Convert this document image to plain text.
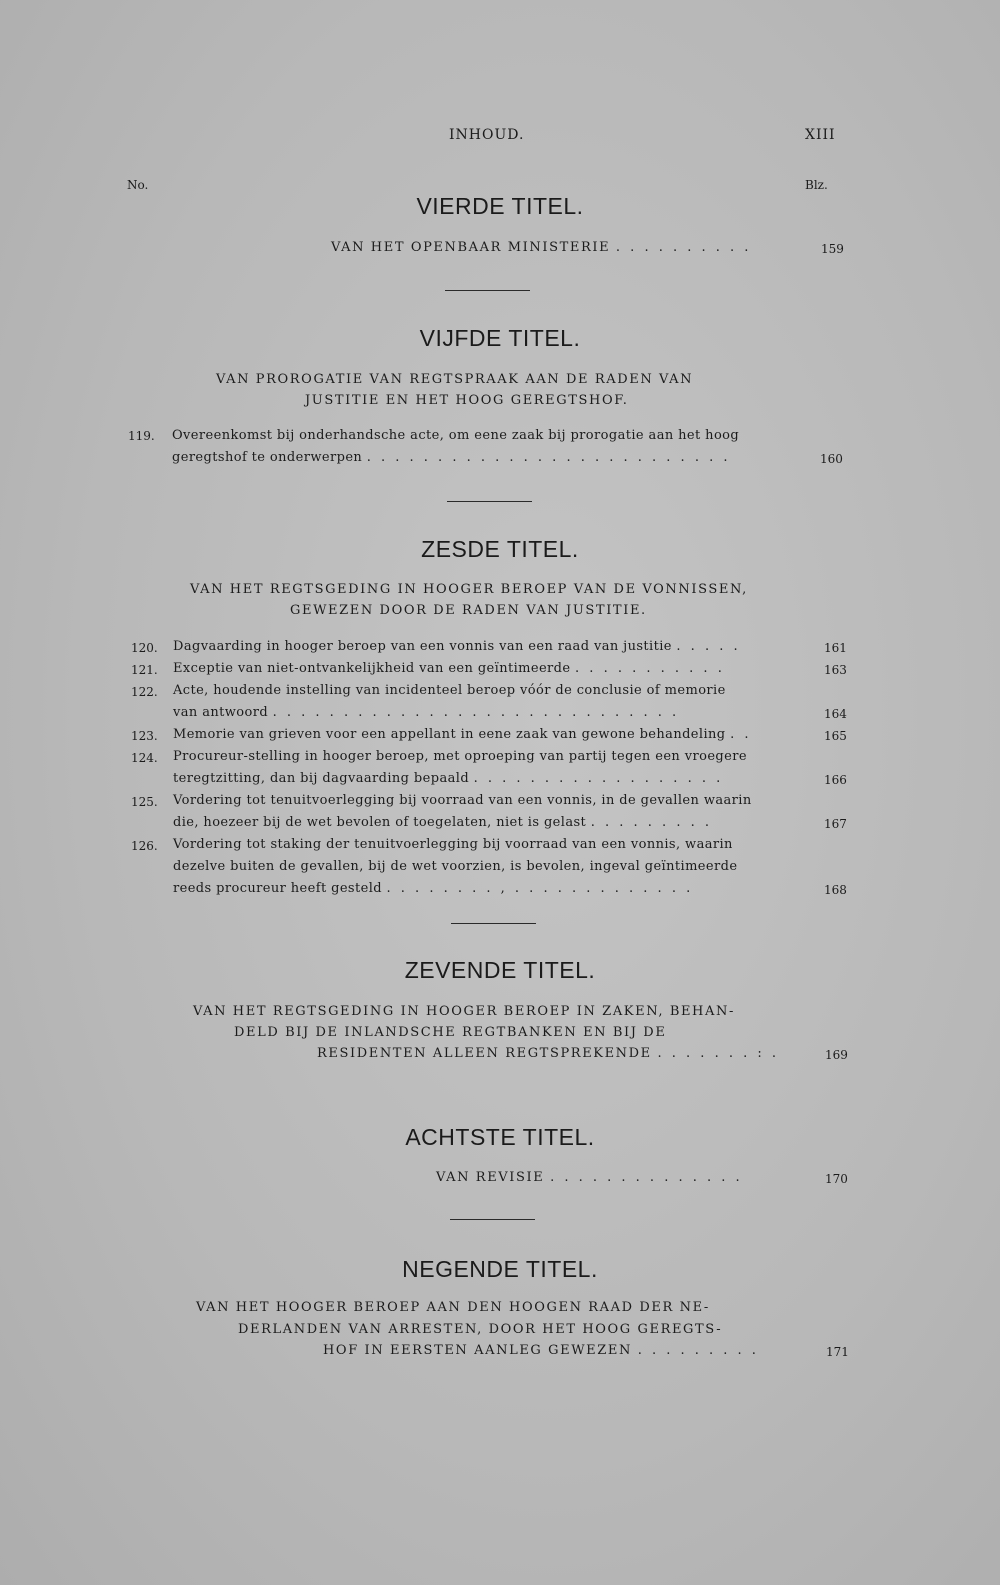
INHOUD.	XIII
No.	Blz.
VIERDE TITEL.
VAN HET OPENBAAR MINISTERIE . . . . . . . . . .	159
VIJFDE TITEL.
VAN PROROGATIE VAN REGTSPRAAK AAN DE RADEN VAN
JUSTITIE EN HET HOOG GEREGTSHOF.
119. Overeenkomst bij onderhandsche acte, om eene zaak bij prorogatie aan het hoog
geregtshof te onderwerpen . . . . . . . . . . . . . . . . . . . . . . . . . .	160
ZESDE TITEL.
VAN HET REGTSGEDING IN HOOGER BEROEP VAN DE VONNISSEN,
GEWEZEN DOOR DE RADEN VAN JUSTITIE.
120. Dagvaarding in hooger beroep van een vonnis van een raad van justitie . . . . .	161
121. Exceptie van niet-ontvankelijkheid van een geïntimeerde . . . . . . . . . . .	163
122. Acte, houdende instelling van incidenteel beroep vóór de conclusie of memorie
van antwoord . . . . . . . . . . . . . . . . . . . . . . . . . . . . .	164
123. Memorie van grieven voor een appellant in eene zaak van gewone behandeling . .	165
124. Procureur-stelling in hooger beroep, met oproeping van partij tegen een vroegere
teregtzitting, dan bij dagvaarding bepaald . . . . . . . . . . . . . . . . . .	166
125. Vordering tot tenuitvoerlegging bij voorraad van een vonnis, in de gevallen waarin
die, hoezeer bij de wet bevolen of toegelaten, niet is gelast . . . . . . . . .	167
126. Vordering tot staking der tenuitvoerlegging bij voorraad van een vonnis, waarin
dezelve buiten de gevallen, bij de wet voorzien, is bevolen, ingeval geïntimeerde
reeds procureur heeft gesteld . . . . . . . . , . . . . . . . . . . . . .	168
ZEVENDE TITEL.
VAN HET REGTSGEDING IN HOOGER BEROEP IN ZAKEN, BEHAN-
DELD BIJ DE INLANDSCHE REGTBANKEN EN BIJ DE
RESIDENTEN ALLEEN REGTSPREKENDE . . . . . . . : .	169
ACHTSTE TITEL.
VAN REVISIE . . . . . . . . . . . . . .	170
NEGENDE TITEL.
VAN HET HOOGER BEROEP AAN DEN HOOGEN RAAD DER NE-
DERLANDEN VAN ARRESTEN, DOOR HET HOOG GEREGTS-
HOF IN EERSTEN AANLEG GEWEZEN . . . . . . . . .	171
